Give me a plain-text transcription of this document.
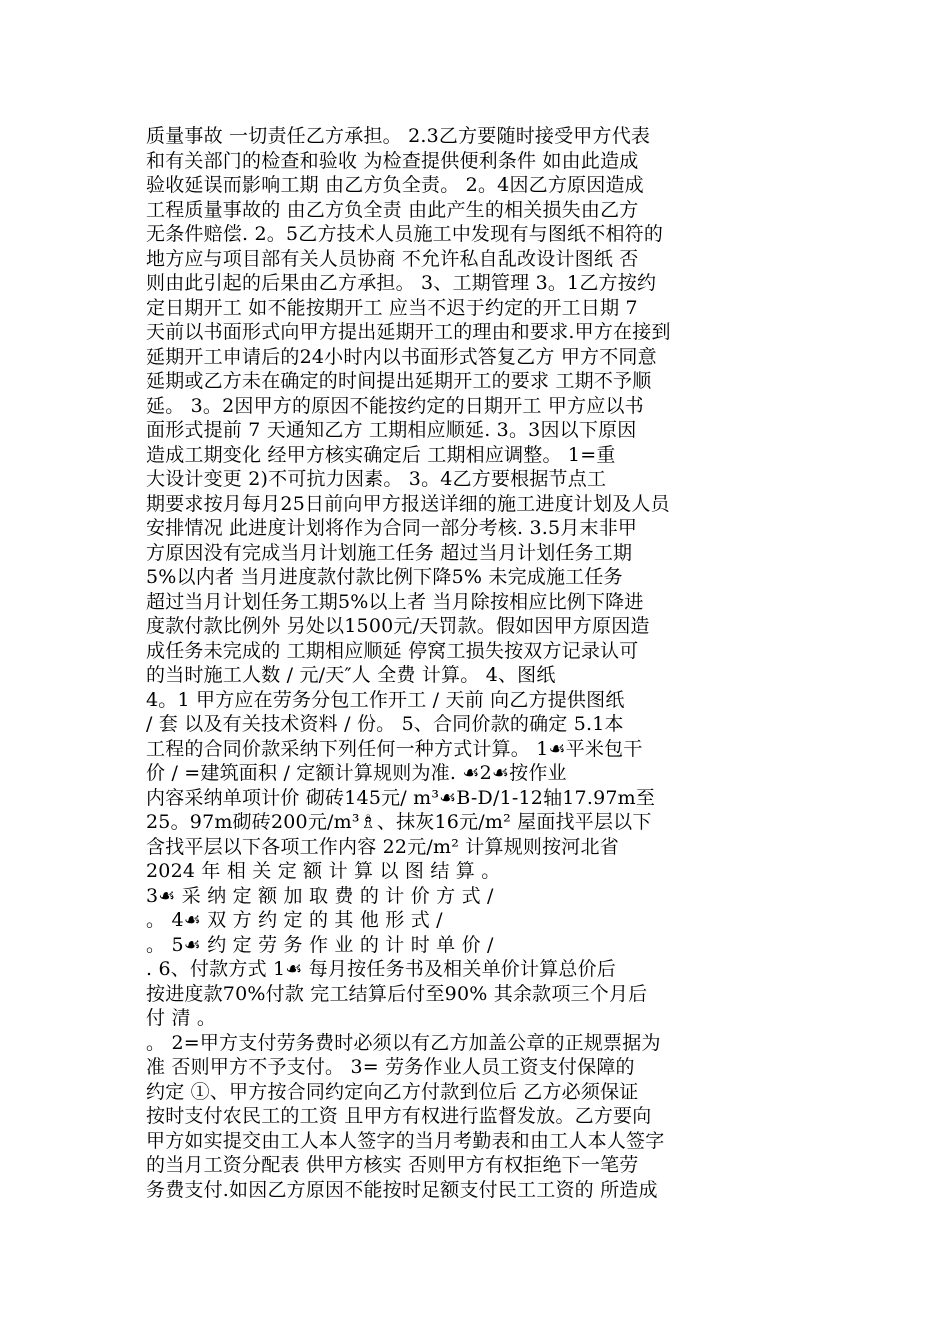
质量事故 一切责任乙方承担。 2.3乙方要随时接受甲方代表
和有关部门的检查和验收 为检查提供便利条件 如由此造成
验收延误而影响工期 由乙方负全责。 2。4因乙方原因造成
工程质量事故的 由乙方负全责 由此产生的相关损失由乙方
无条件赔偿. 2。5乙方技术人员施工中发现有与图纸不相符的
地方应与项目部有关人员协商 不允许私自乱改设计图纸 否
则由此引起的后果由乙方承担。 3、工期管理 3。1乙方按约
定日期开工 如不能按期开工 应当不迟于约定的开工日期 7
天前以书面形式向甲方提出延期开工的理由和要求.甲方在接到
延期开工申请后的24小时内以书面形式答复乙方 甲方不同意
延期或乙方未在确定的时间提出延期开工的要求 工期不予顺
延。 3。2因甲方的原因不能按约定的日期开工 甲方应以书
面形式提前 7 天通知乙方 工期相应顺延. 3。3因以下原因
造成工期变化 经甲方核实确定后 工期相应调整。 1=重
大设计变更 2)不可抗力因素。 3。4乙方要根据节点工
期要求按月每月25日前向甲方报送详细的施工进度计划及人员
安排情况 此进度计划将作为合同一部分考核. 3.5月末非甲
方原因没有完成当月计划施工任务 超过当月计划任务工期
5%以内者 当月进度款付款比例下降5% 未完成施工任务
超过当月计划任务工期5%以上者 当月除按相应比例下降进
度款付款比例外 另处以1500元/天罚款。假如因甲方原因造
成任务未完成的 工期相应顺延 停窝工损失按双方记录认可
的当时施工人数 / 元/天″人 全费 计算。 4、图纸
4。1 甲方应在劳务分包工作开工 / 天前 向乙方提供图纸
/ 套 以及有关技术资料 / 份。 5、合同价款的确定 5.1本
工程的合同价款采纳下列任何一种方式计算。 1☙平米包干
价 / =建筑面积 / 定额计算规则为准. ☙2☙按作业
内容采纳单项计价 砌砖145元/ m³☙B-D/1-12轴17.97m至
25。97m砌砖200元/m³♗、抹灰16元/m² 屋面找平层以下
含找平层以下各项工作内容 22元/m² 计算规则按河北省
2024 年 相 关 定 额 计 算 以 图 结 算 。
3☙ 采 纳 定 额 加 取 费 的 计 价 方 式 /
。 4☙ 双 方 约 定 的 其 他 形 式 /
。 5☙ 约 定 劳 务 作 业 的 计 时 单 价 /
. 6、付款方式 1☙ 每月按任务书及相关单价计算总价后
按进度款70%付款 完工结算后付至90% 其余款项三个月后
付 清 。
。 2=甲方支付劳务费时必须以有乙方加盖公章的正规票据为
准 否则甲方不予支付。 3= 劳务作业人员工资支付保障的
约定 ①、甲方按合同约定向乙方付款到位后 乙方必须保证
按时支付农民工的工资 且甲方有权进行监督发放。乙方要向
甲方如实提交由工人本人签字的当月考勤表和由工人本人签字
的当月工资分配表 供甲方核实 否则甲方有权拒绝下一笔劳
务费支付.如因乙方原因不能按时足额支付民工工资的 所造成
